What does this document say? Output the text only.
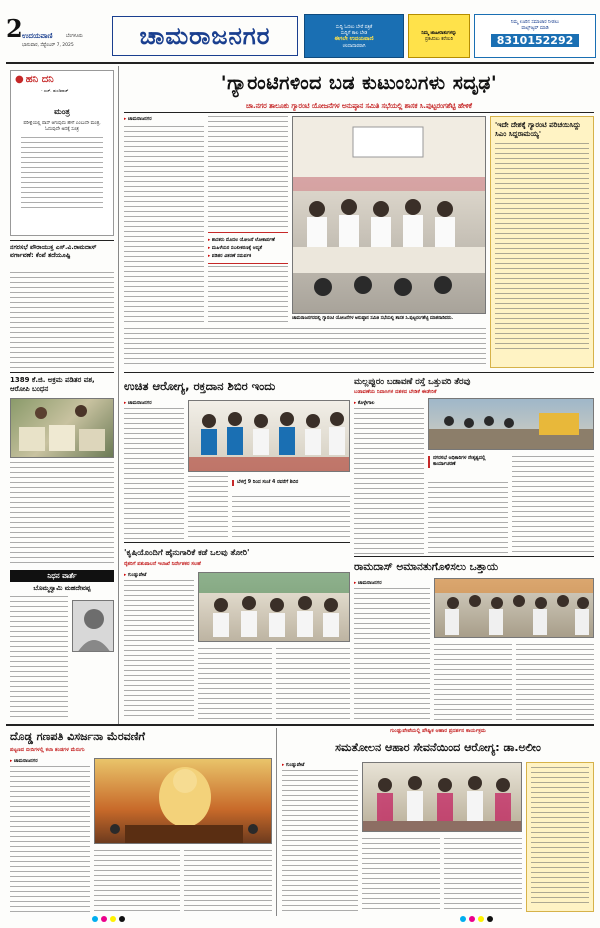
2 ಉದಯವಾಣಿ	ಬೆಂಗಳೂರು
ಭಾನುವಾರ, ಸೆಪ್ಟೆಂಬರ್ 7, 2025	ಚಾಮರಾಜನಗರ	ಸುದ್ದಿ ಓದಲು ಬೇರೆ ಪತ್ರಿಕೆ
ಸುದ್ದಿಗೆ ಕಾಲ ಬೇಡ
ಈಗಲೇ ಉದಯವಾಣಿ
ಚಂದಾದಾರರಾಗಿ
ನಿಮ್ಮ ಜಾಹೀರಾತುಗಳನ್ನು
ಪ್ರಕಟಿಸಲು ಕರೆಯಿರಿ
ನಿಮ್ಮ ಊರಿನ ಸಮಾಚಾರ ನೀಡಲು
ವಾಟ್ಸ್ಆ್ಯಪ್ ಮಾಡಿ
8310152292
● ಹನಿ ದನಿ
- ಎಚ್. ಡುಂಡಿರಾಜ್
ಮಂತ್ರ
ಪರೀಕ್ಷೆಯಲ್ಲಿ ಪಾಸ್ ಆಗುವುದು ಹೇಗೆ ಎಂಬುದೇ ಮಂತ್ರ, ಓದುವುದೇ ಅದಕ್ಕೆ ಸೂತ್ರ
ನಗರಸಭೆ ಪೌರಾಯುಕ್ತ ಎಸ್.ವಿ.ರಾಮದಾಸ್ ವರ್ಗಾವಣೆ: ಕೆಂಪೆ ತದೆಯೂಷ್ಟಿ
1389 ಕೆ.ಜಿ. ಅಕ್ರಮ ಪಡಿತರ ವಶ, ಆರೋಪಿ ಬಂಧನ
ನಿಧನ ವಾರ್ತೆ
ಬೊಮ್ಮಸ್ವಾಮಿ ಮಹದೇವಪ್ಪ
'ಗ್ಯಾರಂಟಿಗಳಿಂದ ಬಡ ಕುಟುಂಬಗಳು ಸದೃಢ'
ಚಾ.ನಗರ ತಾಲೂಕು ಗ್ಯಾರಂಟಿ ಯೋಜನೆಗಳ ಅನುಷ್ಠಾನ ಸಮಿತಿ ಸಭೆಯಲ್ಲಿ ಶಾಸಕ ಸಿ.ಪುಟ್ಟರಂಗಶೆಟ್ಟಿ ಹೇಳಿಕೆ
▸ ಚಾಮರಾಜನಗರ
▸ ಶಾಸಕರು ಮೊದಲ ಯೋಜನೆ ಲೋಕಾರ್ಪಣೆ
▸ ಮಹಿಳೆಯರ ಸಬಲೀಕರಣಕ್ಕೆ ಆದ್ಯತೆ
▸ ಪಡಿತರ ವಿತರಣೆ ಸಮರ್ಪಕ
ಚಾಮರಾಜನಗರದಲ್ಲಿ ಗ್ಯಾರಂಟಿ ಯೋಜನೆಗಳ ಅನುಷ್ಠಾನ ಸಮಿತಿ ಸಭೆಯಲ್ಲಿ ಶಾಸಕ ಸಿ.ಪುಟ್ಟರಂಗಶೆಟ್ಟಿ ಮಾತನಾಡಿದರು.
'ಇದೇ ದೇಶಕ್ಕೆ ಗ್ಯಾರಂಟಿ ಪರಿಚಯಿಸಿದ್ದು ಸಿಎಂ ಸಿದ್ದರಾಮಯ್ಯ'
ಉಚಿತ ಆರೋಗ್ಯ, ರಕ್ತದಾನ ಶಿಬಿರ ಇಂದು
▸ ಚಾಮರಾಜನಗರ
ಬೆಳಗ್ಗೆ 9 ರಿಂದ ಸಂಜೆ 4 ರವರೆಗೆ ಶಿಬಿರ
ಮಲ್ಲಪ್ಪುರಂ ಬಡಾವಣೆ ರಸ್ತೆ ಒತ್ತುವರಿ ತೆರವು
ಬಡಾವಣೆಯ ನಿವಾಸಿಗಳ ದಶಕದ ಬೇಡಿಕೆ ಈಡೇರಿಕೆ
▸ ಕೊಳ್ಳೇಗಾಲ
ನಗರಸಭೆ ಅಧಿಕಾರಿಗಳ ನೇತೃತ್ವದಲ್ಲಿ ಕಾರ್ಯಾಚರಣೆ
'ಕೃಷಿಯೊಂದಿಗೆ ಹೈನುಗಾರಿಕೆ ಕಡೆ ಒಲವು ತೋರಿ'
ರೈತರಿಗೆ ಪಶುಪಾಲನೆ ಇಲಾಖೆ ನಿರ್ದೇಶಕರ ಸಲಹೆ
▸ ಗುಂಡ್ಲುಪೇಟೆ
ರಾಮದಾಸ್ ಅಮಾನತುಗೊಳಿಸಲು ಒತ್ತಾಯ
▸ ಚಾಮರಾಜನಗರ
ದೊಡ್ಡ ಗಣಪತಿ ವಿಸರ್ಜನಾ ಮೆರವಣಿಗೆ
ಪಟ್ಟಣದ ಬೀದಿಗಳಲ್ಲಿ ಕಲಾ ತಂಡಗಳ ಮೆರುಗು
▸ ಚಾಮರಾಜನಗರ
ಗುಂಡ್ಲುಪೇಟೆಯಲ್ಲಿ ಪೌಷ್ಟಿಕ ಆಹಾರ ಪ್ರದರ್ಶನ ಕಾರ್ಯಕ್ರಮ
ಸಮತೋಲನ ಆಹಾರ ಸೇವನೆಯಿಂದ ಆರೋಗ್ಯ: ಡಾ.ಅಲೀಂ
▸ ಗುಂಡ್ಲುಪೇಟೆ
